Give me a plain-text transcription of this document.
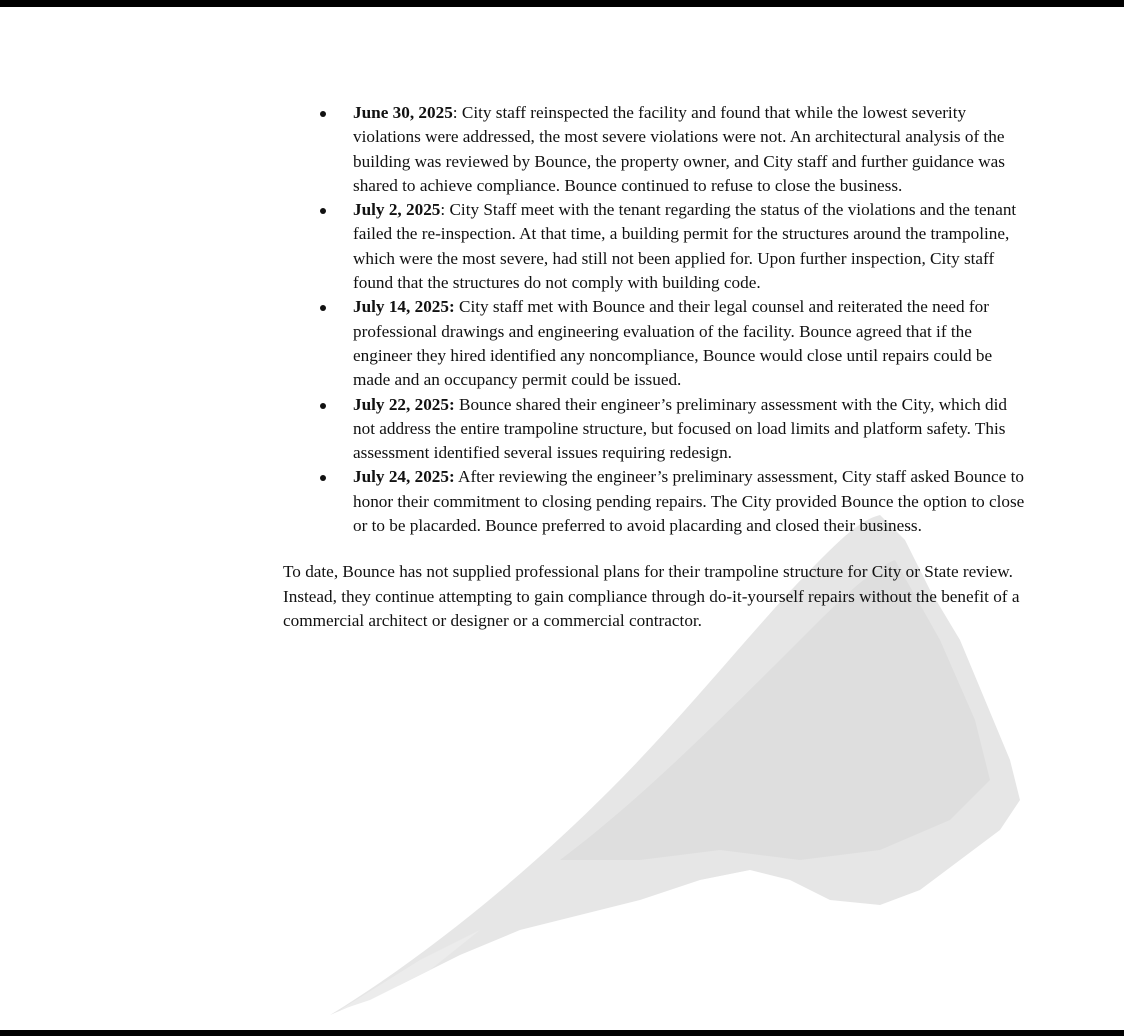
June 30, 2025: City staff reinspected the facility and found that while the lowest severity violations were addressed, the most severe violations were not. An architectural analysis of the building was reviewed by Bounce, the property owner, and City staff and further guidance was shared to achieve compliance. Bounce continued to refuse to close the business.
July 2, 2025: City Staff meet with the tenant regarding the status of the violations and the tenant failed the re-inspection. At that time, a building permit for the structures around the trampoline, which were the most severe, had still not been applied for. Upon further inspection, City staff found that the structures do not comply with building code.
July 14, 2025: City staff met with Bounce and their legal counsel and reiterated the need for professional drawings and engineering evaluation of the facility. Bounce agreed that if the engineer they hired identified any noncompliance, Bounce would close until repairs could be made and an occupancy permit could be issued.
July 22, 2025: Bounce shared their engineer’s preliminary assessment with the City, which did not address the entire trampoline structure, but focused on load limits and platform safety. This assessment identified several issues requiring redesign.
July 24, 2025: After reviewing the engineer’s preliminary assessment, City staff asked Bounce to honor their commitment to closing pending repairs. The City provided Bounce the option to close or to be placarded. Bounce preferred to avoid placarding and closed their business.

To date, Bounce has not supplied professional plans for their trampoline structure for City or State review. Instead, they continue attempting to gain compliance through do-it-yourself repairs without the benefit of a commercial architect or designer or a commercial contractor.
